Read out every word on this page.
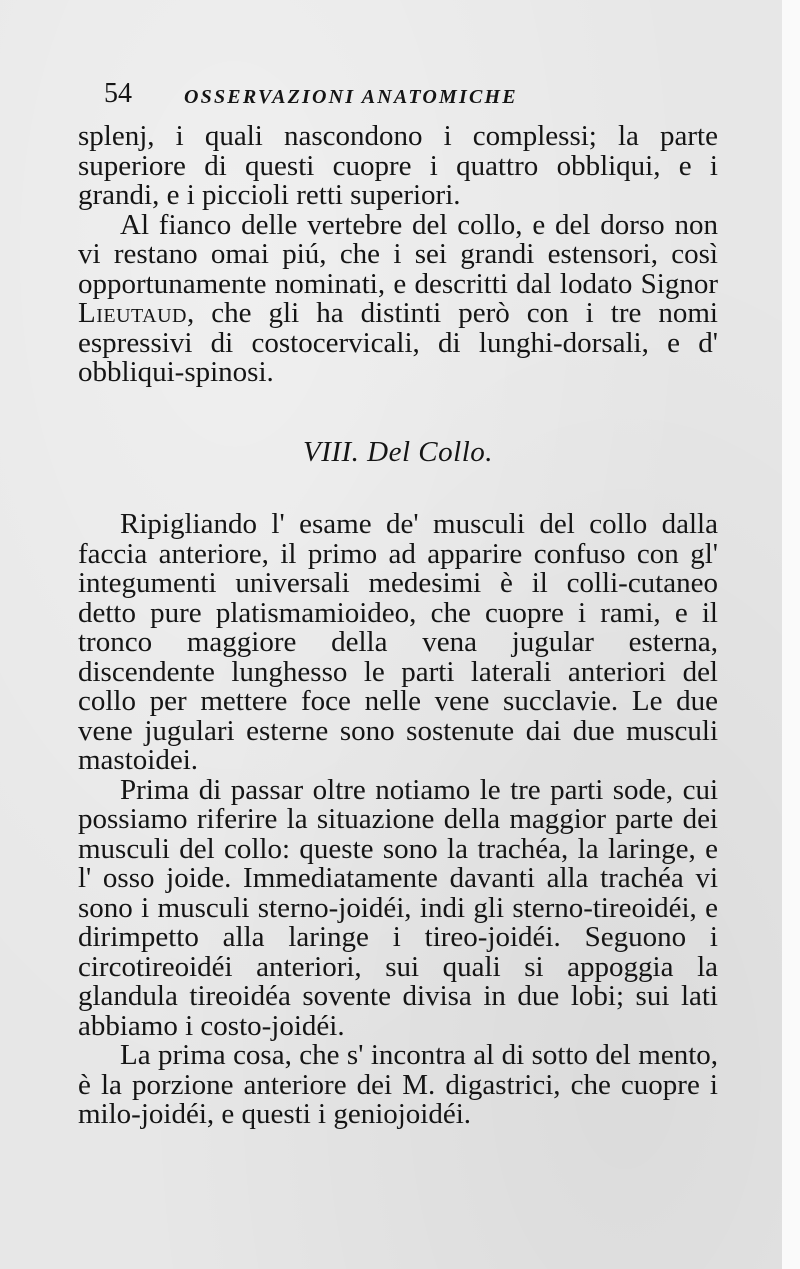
54	OSSERVAZIONI ANATOMICHE

splenj, i quali nascondono i complessi; la parte superiore di questi cuopre i quattro obbliqui, e i grandi, e i piccioli retti superiori.

Al fianco delle vertebre del collo, e del dorso non vi restano omai piú, che i sei grandi estensori, così opportunamente nominati, e descritti dal lodato Signor Lieutaud, che gli ha distinti però con i tre nomi espressivi di costocervicali, di lunghi-dorsali, e d' obbliqui-spinosi.

VIII. Del Collo.

Ripigliando l' esame de' musculi del collo dalla faccia anteriore, il primo ad apparire confuso con gl' integumenti universali medesimi è il colli-cutaneo detto pure platismamioideo, che cuopre i rami, e il tronco maggiore della vena jugular esterna, discendente lunghesso le parti laterali anteriori del collo per mettere foce nelle vene succlavie. Le due vene jugulari esterne sono sostenute dai due musculi mastoidei.

Prima di passar oltre notiamo le tre parti sode, cui possiamo riferire la situazione della maggior parte dei musculi del collo: queste sono la trachéa, la laringe, e l' osso joide. Immediatamente davanti alla trachéa vi sono i musculi sterno-joidéi, indi gli sterno-tireoidéi, e dirimpetto alla laringe i tireo-joidéi. Seguono i circotireoidéi anteriori, sui quali si appoggia la glandula tireoidéa sovente divisa in due lobi; sui lati abbiamo i costo-joidéi.

La prima cosa, che s' incontra al di sotto del mento, è la porzione anteriore dei M. digastrici, che cuopre i milo-joidéi, e questi i geniojoidéi.
